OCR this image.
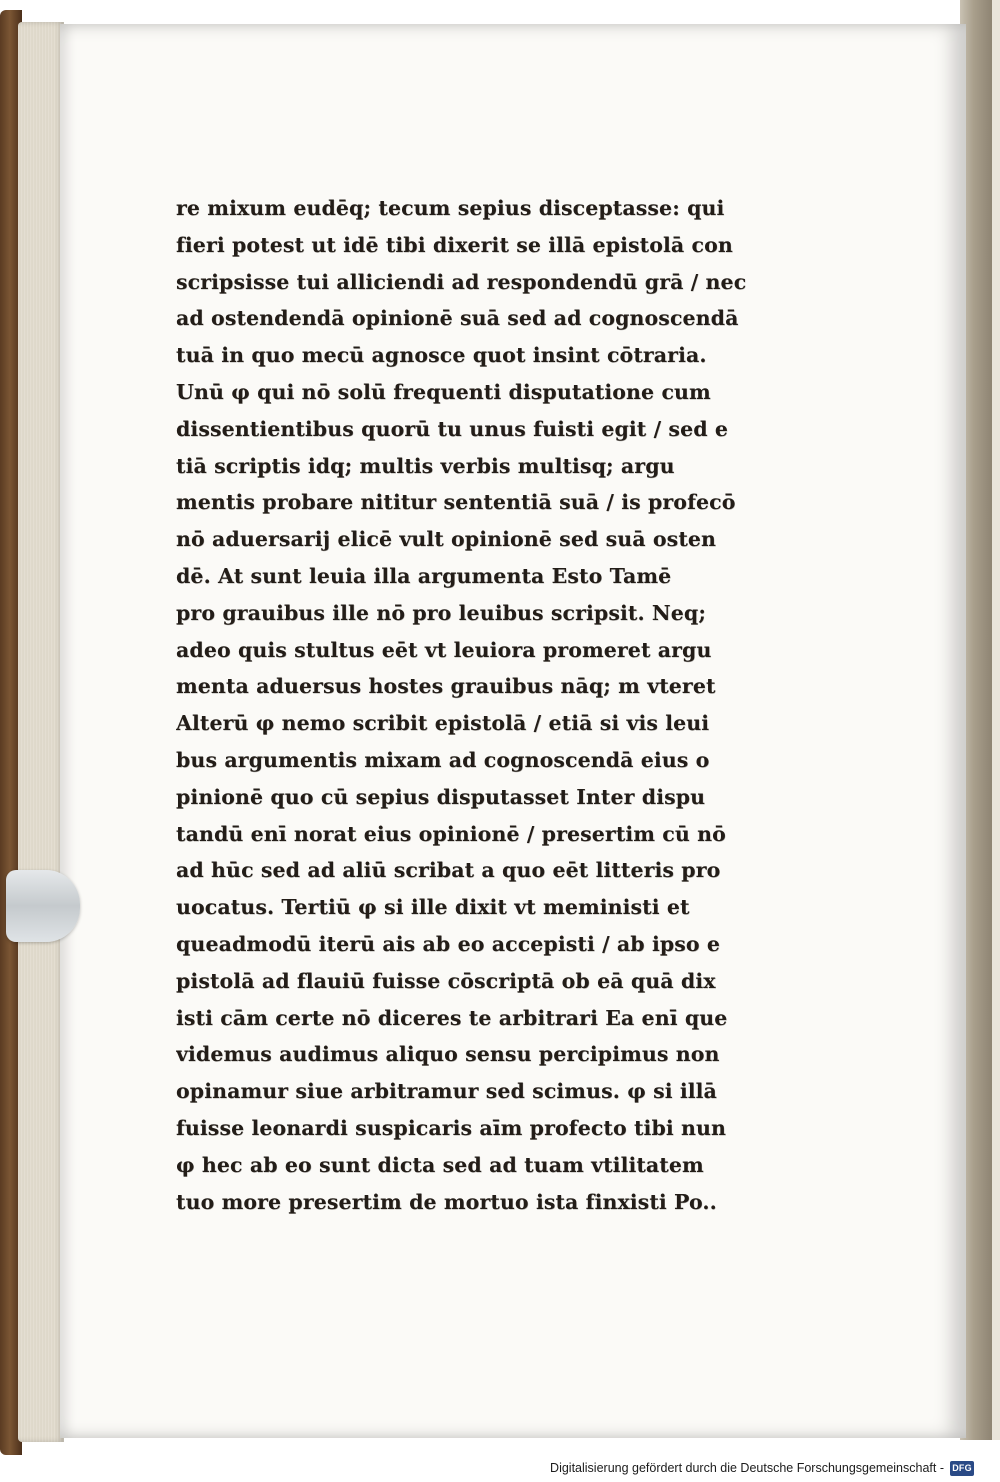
re mixum eudēq; tecum sepius disceptasse: qui
fieri potest ut idē tibi dixerit se illā epistolā con
scripsisse tui alliciendi ad respondendū grā / nec
ad ostendendā opinionē suā sed ad cognoscendā
tuā in quo mecū agnosce quot insint cōtraria.
Unū φ qui nō solū frequenti disputatione cum
dissentientibus quorū tu unus fuisti egit / sed e
tiā scriptis idq; multis verbis multisq; argu
mentis probare nititur sententiā suā / is profecō
nō aduersarij elicē vult opinionē sed suā osten
dē. At sunt leuia illa argumenta Esto Tamē
pro grauibus ille nō pro leuibus scripsit. Neq;
adeo quis stultus eēt vt leuiora promeret argu
menta aduersus hostes grauibus nāq; m vteret
Alterū φ nemo scribit epistolā / etiā si vis leui
bus argumentis mixam ad cognoscendā eius o
pinionē quo cū sepius disputasset Inter dispu
tandū enī norat eius opinionē / presertim cū nō
ad hūc sed ad aliū scribat a quo eēt litteris pro
uocatus. Tertiū φ si ille dixit vt meministi et
queadmodū iterū ais ab eo accepisti / ab ipso e
pistolā ad flauiū fuisse cōscriptā ob eā quā dix
isti cām certe nō diceres te arbitrari Ea enī que
videmus audimus aliquo sensu percipimus non
opinamur siue arbitramur sed scimus. φ si illā
fuisse leonardi suspicaris aīm profecto tibi nun
φ hec ab eo sunt dicta sed ad tuam vtilitatem
tuo more presertim de mortuo ista finxisti Po..
Digitalisierung gefördert durch die Deutsche Forschungsgemeinschaft - DFG
